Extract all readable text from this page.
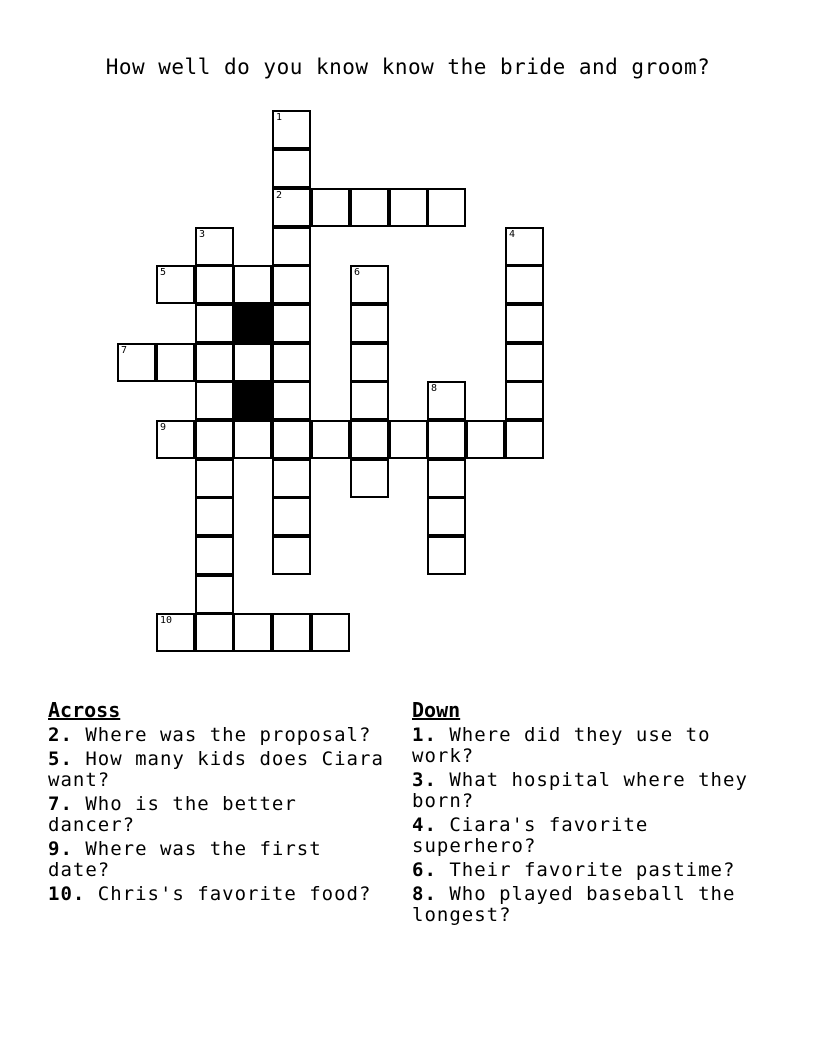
How well do you know know the bride and groom?
1
2
3
5
7
6
4
8
9
10
Across
2. Where was the proposal?
5. How many kids does Ciara want?
7. Who is the better dancer?
9. Where was the first date?
10. Chris's favorite food?
Down
1. Where did they use to work?
3. What hospital where they born?
4. Ciara's favorite superhero?
6. Their favorite pastime?
8. Who played baseball the longest?
